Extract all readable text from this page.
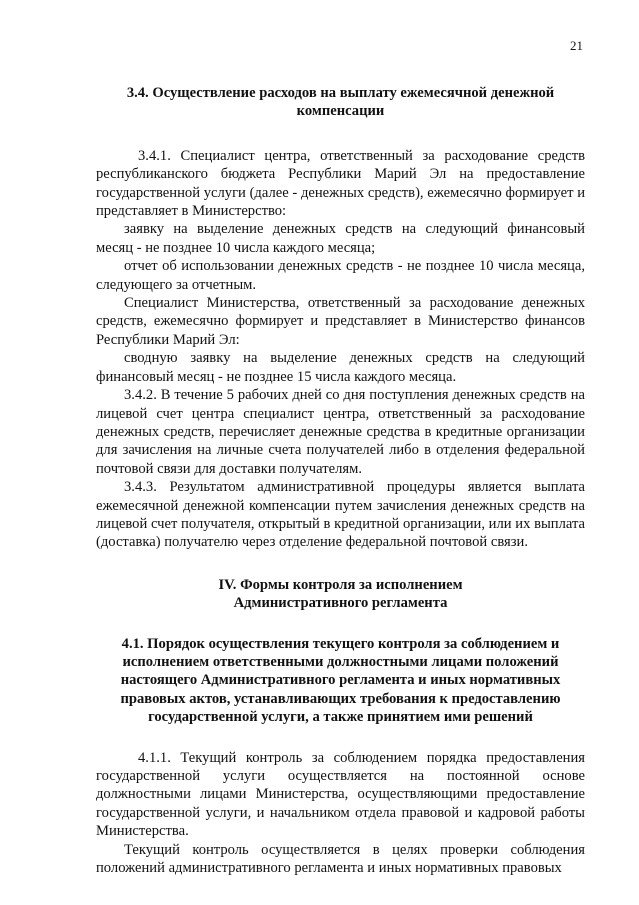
21
3.4. Осуществление расходов на выплату ежемесячной денежной компенсации

3.4.1. Специалист центра, ответственный за расходование средств республиканского бюджета Республики Марий Эл на предоставление государственной услуги (далее - денежных средств), ежемесячно формирует и представляет в Министерство:

заявку на выделение денежных средств на следующий финансовый месяц - не позднее 10 числа каждого месяца;

отчет об использовании денежных средств - не позднее 10 числа месяца, следующего за отчетным.

Специалист Министерства, ответственный за расходование денежных средств, ежемесячно формирует и представляет в Министерство финансов Республики Марий Эл:

сводную заявку на выделение денежных средств на следующий финансовый месяц - не позднее 15 числа каждого месяца.

3.4.2. В течение 5 рабочих дней со дня поступления денежных средств на лицевой счет центра специалист центра, ответственный за расходование денежных средств, перечисляет денежные средства в кредитные организации для зачисления на личные счета получателей либо в отделения федеральной почтовой связи для доставки получателям.

3.4.3. Результатом административной процедуры является выплата ежемесячной денежной компенсации путем зачисления денежных средств на лицевой счет получателя, открытый в кредитной организации, или их выплата (доставка) получателю через отделение федеральной почтовой связи.

IV. Формы контроля за исполнением
Административного регламента
4.1. Порядок осуществления текущего контроля за соблюдением и исполнением ответственными должностными лицами положений настоящего Административного регламента и иных нормативных правовых актов, устанавливающих требования к предоставлению государственной услуги, а также принятием ими решений

4.1.1. Текущий контроль за соблюдением порядка предоставления государственной услуги осуществляется на постоянной основе должностными лицами Министерства, осуществляющими предоставление государственной услуги, и начальником отдела правовой и кадровой работы Министерства.

Текущий контроль осуществляется в целях проверки соблюдения положений административного регламента и иных нормативных правовых
